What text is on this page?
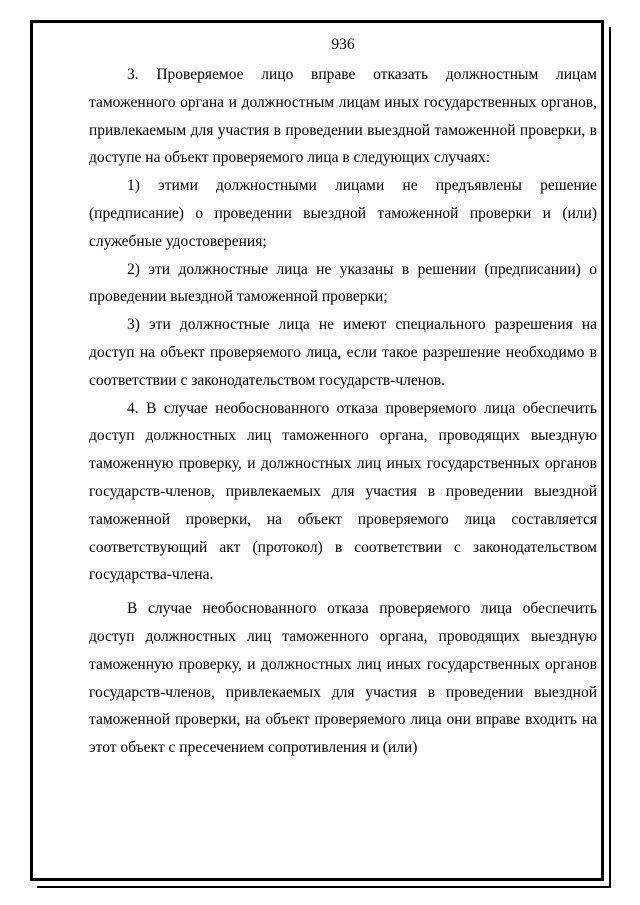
936

3. Проверяемое лицо вправе отказать должностным лицам таможенного органа и должностным лицам иных государственных органов, привлекаемым для участия в проведении выездной таможенной проверки, в доступе на объект проверяемого лица в следующих случаях:

1) этими должностными лицами не предъявлены решение (предписание) о проведении выездной таможенной проверки и (или) служебные удостоверения;

2) эти должностные лица не указаны в решении (предписании) о проведении выездной таможенной проверки;

3) эти должностные лица не имеют специального разрешения на доступ на объект проверяемого лица, если такое разрешение необходимо в соответствии с законодательством государств-членов.

4. В случае необоснованного отказа проверяемого лица обеспечить доступ должностных лиц таможенного органа, проводящих выездную таможенную проверку, и должностных лиц иных государственных органов государств-членов, привлекаемых для участия в проведении выездной таможенной проверки, на объект проверяемого лица составляется соответствующий акт (протокол) в соответствии с законодательством государства-члена.

В случае необоснованного отказа проверяемого лица обеспечить доступ должностных лиц таможенного органа, проводящих выездную таможенную проверку, и должностных лиц иных государственных органов государств-членов, привлекаемых для участия в проведении выездной таможенной проверки, на объект проверяемого лица они вправе входить на этот объект с пресечением сопротивления и (или)
